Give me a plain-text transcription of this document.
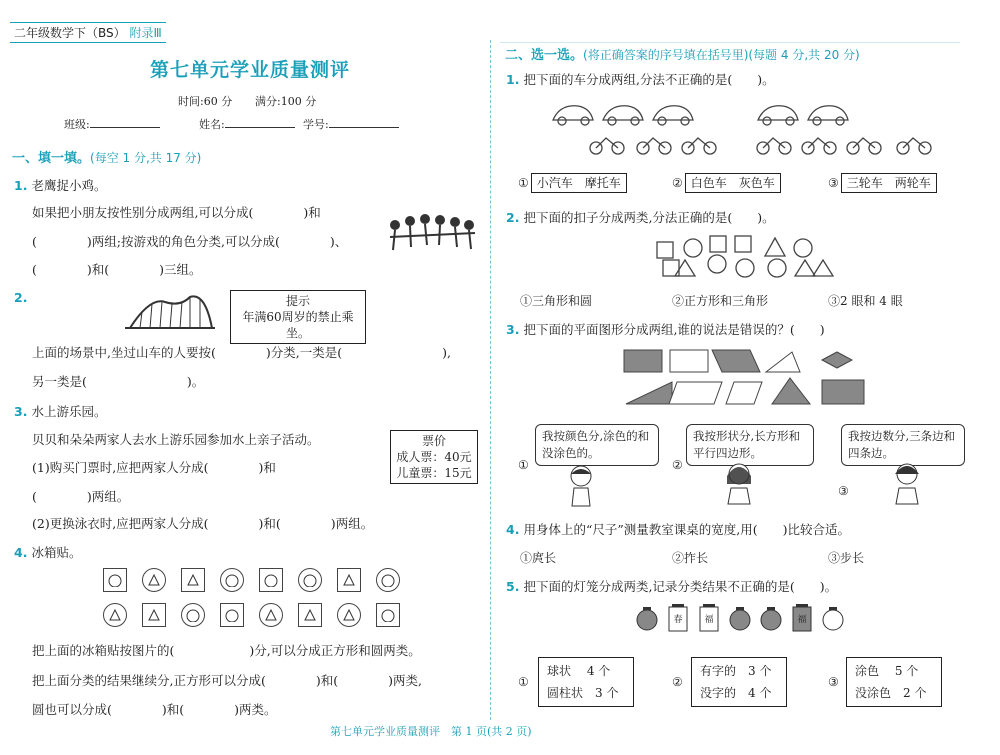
二年级数学下（BS） 附录Ⅲ
第七单元学业质量测评
时间:60 分 满分:100 分
班级:	姓名:	学号:
一、填一填。(每空 1 分,共 17 分)
1. 老鹰捉小鸡。
如果把小朋友按性别分成两组,可以分成(　　　　)和
(　　　　)两组;按游戏的角色分类,可以分成(　　　　)、
(　　　　)和(　　　　)三组。
2.	提示
年满60周岁的禁止乘坐。
上面的场景中,坐过山车的人要按(　　　　)分类,一类是(　　　　　　　　),
另一类是(　　　　　　　　)。
3. 水上游乐园。
贝贝和朵朵两家人去水上游乐园参加水上亲子活动。	票价
成人票：40元
儿童票：15元
(1)购买门票时,应把两家人分成(　　　　)和
(　　　　)两组。
(2)更换泳衣时,应把两家人分成(　　　　)和(　　　　)两组。
4. 冰箱贴。
把上面的冰箱贴按图片的(　　　　　　)分,可以分成正方形和圆两类。
把上面分类的结果继续分,正方形可以分成(　　　　)和(　　　　)两类,
圆也可以分成(　　　　)和(　　　　)两类。
二、选一选。(将正确答案的序号填在括号里)(每题 4 分,共 20 分)
1. 把下面的车分成两组,分法不正确的是(　　)。
① 小汽车　 摩托车	② 白色车　 灰色车	③ 三轮车　 两轮车
2. 把下面的扣子分成两类,分法正确的是(　　)。
①三角形和圆	②正方形和三角形	③2 眼和 4 眼
3. 把下面的平面图形分成两组,谁的说法是错误的？(　　)
我按颜色分,涂色的和没涂色的。
我按形状分,长方形和平行四边形。
我按边数分,三条边和四条边。
①	②
③
4. 用身体上的“尺子”测量教室课桌的宽度,用(　　)比较合适。
①庹长	②拃长	③步长
5. 把下面的灯笼分成两类,记录分类结果不正确的是(　　)。
春	福	福
①
球状　 4 个
圆柱状　3 个
②
有字的　3 个
没字的　4 个
③
涂色　 5 个
没涂色　2 个
第七单元学业质量测评　第 1 页(共 2 页)
